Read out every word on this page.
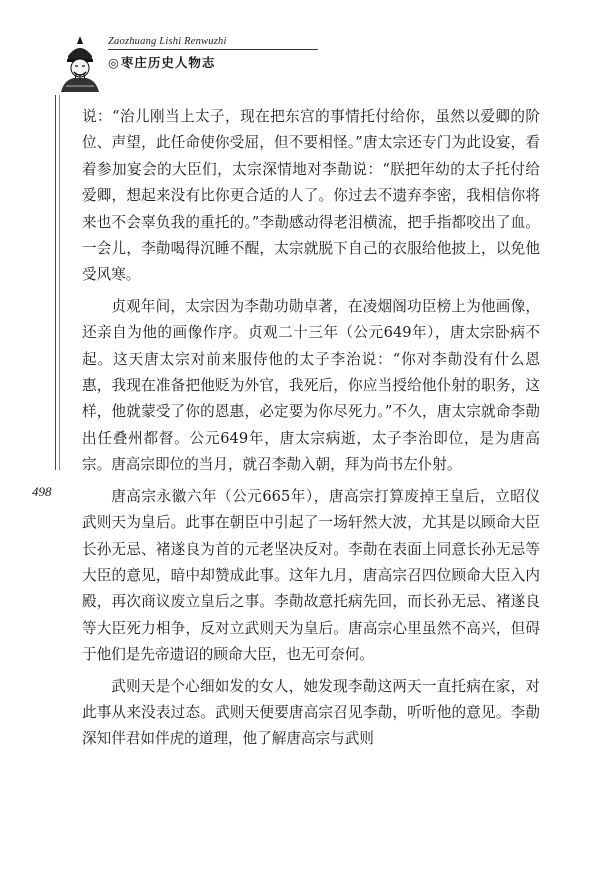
Zaozhuang Lishi Renwuzhi
◎枣庄历史人物志
498

说：“治儿刚当上太子，现在把东宫的事情托付给你，虽然以爱卿的阶位、声望，此任命使你受屈，但不要相怪。”唐太宗还专门为此设宴，看着参加宴会的大臣们，太宗深情地对李勣说：“朕把年幼的太子托付给爱卿，想起来没有比你更合适的人了。你过去不遗弃李密，我相信你将来也不会辜负我的重托的。”李勣感动得老泪横流，把手指都咬出了血。一会儿，李勣喝得沉睡不醒，太宗就脱下自己的衣服给他披上，以免他受风寒。

贞观年间，太宗因为李勣功勋卓著，在凌烟阁功臣榜上为他画像，还亲自为他的画像作序。贞观二十三年（公元649年），唐太宗卧病不起。这天唐太宗对前来服侍他的太子李治说：“你对李勣没有什么恩惠，我现在准备把他贬为外官，我死后，你应当授给他仆射的职务，这样，他就蒙受了你的恩惠，必定要为你尽死力。”不久，唐太宗就命李勣出任叠州都督。公元649年，唐太宗病逝，太子李治即位，是为唐高宗。唐高宗即位的当月，就召李勣入朝，拜为尚书左仆射。

唐高宗永徽六年（公元665年），唐高宗打算废掉王皇后，立昭仪武则天为皇后。此事在朝臣中引起了一场轩然大波，尤其是以顾命大臣长孙无忌、褚遂良为首的元老坚决反对。李勣在表面上同意长孙无忌等大臣的意见，暗中却赞成此事。这年九月，唐高宗召四位顾命大臣入内殿，再次商议废立皇后之事。李勣故意托病先回，而长孙无忌、褚遂良等大臣死力相争，反对立武则天为皇后。唐高宗心里虽然不高兴，但碍于他们是先帝遗诏的顾命大臣，也无可奈何。

武则天是个心细如发的女人，她发现李勣这两天一直托病在家，对此事从来没表过态。武则天便要唐高宗召见李勣，听听他的意见。李勣深知伴君如伴虎的道理，他了解唐高宗与武则
